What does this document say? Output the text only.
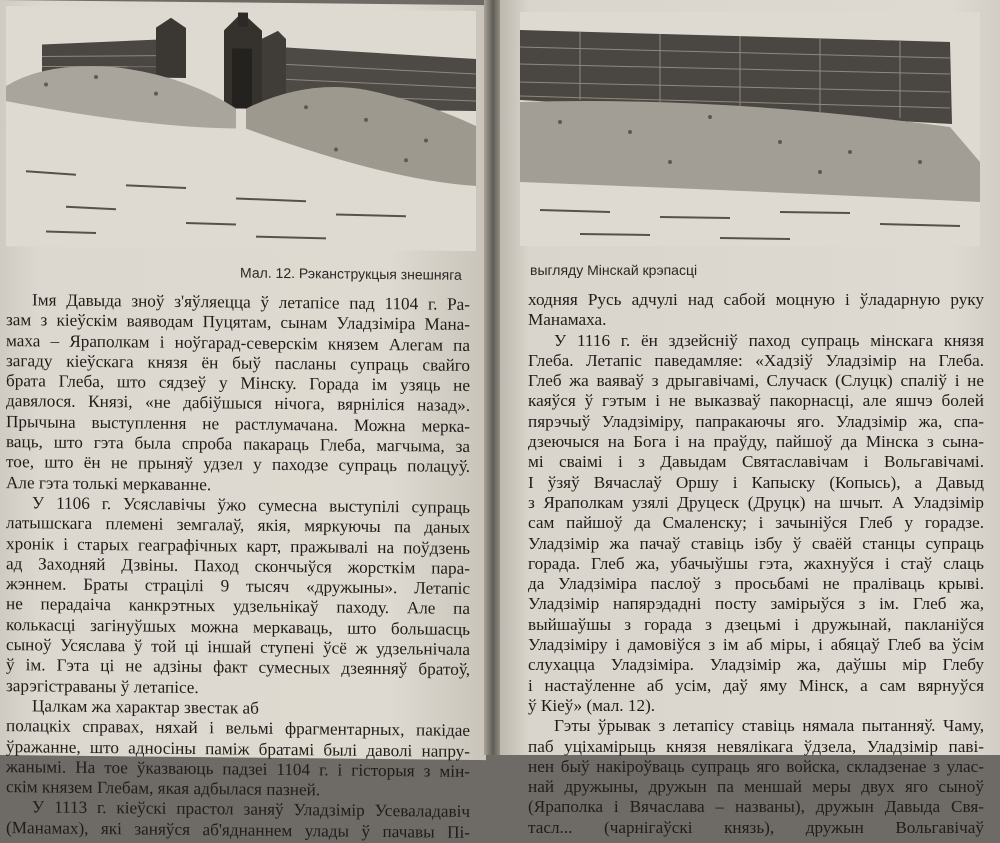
Мал. 12. Рэканструкцыя знешняга
Імя Давыда зноў з'яўляецца ў летапісе пад 1104 г. Ра-
зам з кіеўскім ваяводам Пуцятам, сынам Уладзіміра Мана-
маха – Яраполкам і ноўгарад-северскім князем Алегам па
загаду кіеўскага князя ён быў пасланы супраць свайго
брата Глеба, што сядзеў у Мінску. Горада ім узяць не
давялося. Князі, «не дабіўшыся нічога, вярніліся назад».
Прычына выступлення не растлумачана. Можна мерка-
ваць, што гэта была спроба пакараць Глеба, магчыма, за
тое, што ён не прыняў удзел у паходзе супраць полацуў.
Але гэта толькі меркаванне.
У 1106 г. Усяславічы ўжо сумесна выступілі супраць
латышскага племені земгалаў, якія, мяркуючы па даных
хронік і старых геаграфічных карт, пражывалі на поўдзень
ад Заходняй Дзвіны. Паход скончыўся жорсткім пара-
жэннем. Браты страцілі 9 тысяч «дружыны». Летапіс
не перадаіча канкрэтных удзельнікаў паходу. Але па
колькасці загінуўшых можна меркаваць, што большасць
сыноў Усяслава ў той ці іншай ступені ўсё ж удзельнічала
ў ім. Гэта ці не адзіны факт сумесных дзеянняў братоў,
зарэгістраваны ў летапісе.
Цалкам жа характар звестак аб
полацкіх справах, няхай і вельмі фрагментарных, пакідае
ўражанне, што адносіны паміж братамі былі даволі напру-
жанымі. На тое ўказваюць падзеі 1104 г. і гісторыя з мін-
скім князем Глебам, якая адбылася пазней.
У 1113 г. кіеўскі прастол заняў Уладзімір Усеваладавіч
(Манамах), які заняўся аб'яднаннем улады ў пачавы Пі-
выгляду Мінскай крэпасці
ходняя Русь адчулі над сабой моцную і ўладарную руку
Манамаха.
У 1116 г. ён здзейсніў паход супраць мінскага князя
Глеба. Летапіс паведамляе: «Хадзіў Уладзімір на Глеба.
Глеб жа ваяваў з дрыгавічамі, Случаск (Слуцк) спаліў і не
каяўся ў гэтым і не выказваў пакорнасці, але яшчэ болей
пярэчыў Уладзіміру, папракаючы яго. Уладзімір жа, спа-
дзеючыся на Бога і на праўду, пайшоў да Мінска з сына-
мі сваімі і з Давыдам Святаславічам і Вольгавічамі.
І ўзяў Вячаслаў Оршу і Капыску (Копысь), а Давыд
з Яраполкам узялі Друцеск (Друцк) на шчыт. А Уладзімір
сам пайшоў да Смаленску; і зачыніўся Глеб у горадзе.
Уладзімір жа пачаў ставіць ізбу ў сваёй станцы супраць
горада. Глеб жа, убачыўшы гэта, жахнуўся і стаў слаць
да Уладзіміра паслоў з просьбамі не праліваць крыві.
Уладзімір напярэдадні посту замірыўся з ім. Глеб жа,
выйшаўшы з горада з дзецьмі і дружынай, пакланіўся
Уладзіміру і дамовіўся з ім аб міры, і абяцаў Глеб ва ўсім
слухацца Уладзіміра. Уладзімір жа, даўшы мір Глебу
і настаўленне аб усім, даў яму Мінск, а сам вярнуўся
ў Кіеў» (мал. 12).
Гэты ўрывак з летапісу ставіць нямала пытанняў. Чаму,
паб уціхамірыць князя невялікага ўдзела, Уладзімір паві-
нен быў накіроўваць супраць яго войска, складзенае з улас-
най дружыны, дружын па меншай меры двух яго сыноў
(Яраполка і Вячаслава – названы), дружын Давыда Свя-
тасл... (чарнігаўскі князь), дружын Вольгавічаў
